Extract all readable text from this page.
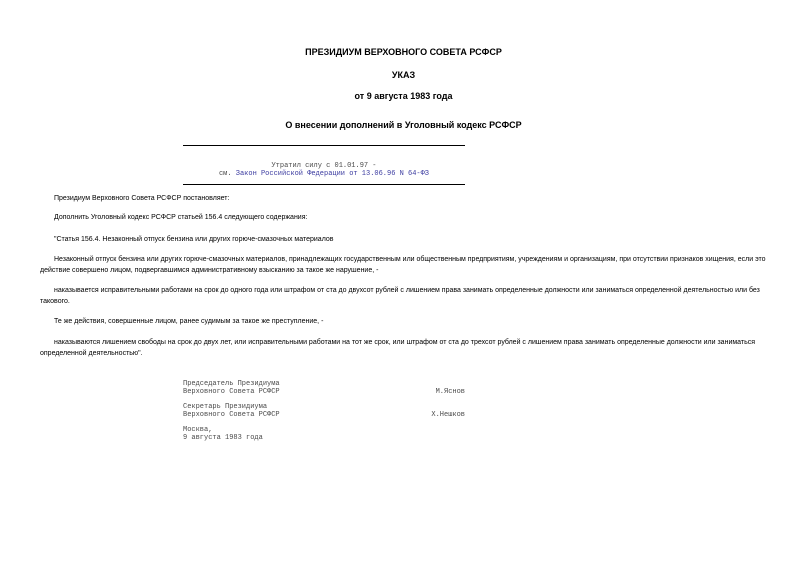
ПРЕЗИДИУМ ВЕРХОВНОГО СОВЕТА РСФСР
УКАЗ
от 9 августа 1983 года
О внесении дополнений в Уголовный кодекс РСФСР
Утратил силу с 01.01.97 -
см. Закон Российской Федерации от 13.06.96 N 64-ФЗ
Президиум Верховного Совета РСФСР постановляет:
Дополнить Уголовный кодекс РСФСР статьей 156.4 следующего содержания:
"Статья 156.4. Незаконный отпуск бензина или других горюче-смазочных материалов
Незаконный отпуск бензина или других горюче-смазочных материалов, принадлежащих государственным или общественным предприятиям, учреждениям и организациям, при отсутствии признаков хищения, если это действие совершено лицом, подвергавшимся административному взысканию за такое же нарушение, -
наказывается исправительными работами на срок до одного года или штрафом от ста до двухсот рублей с лишением права занимать определенные должности или заниматься определенной деятельностью или без такового.
Те же действия, совершенные лицом, ранее судимым за такое же преступление, -
наказываются лишением свободы на срок до двух лет, или исправительными работами на тот же срок, или штрафом от ста до трехсот рублей с лишением права занимать определенные должности или заниматься определенной деятельностью".
Председатель Президиума
Верховного Совета РСФСР	М.Яснов
Секретарь Президиума
Верховного Совета РСФСР	Х.Нешков
Москва,
9 августа 1983 года
